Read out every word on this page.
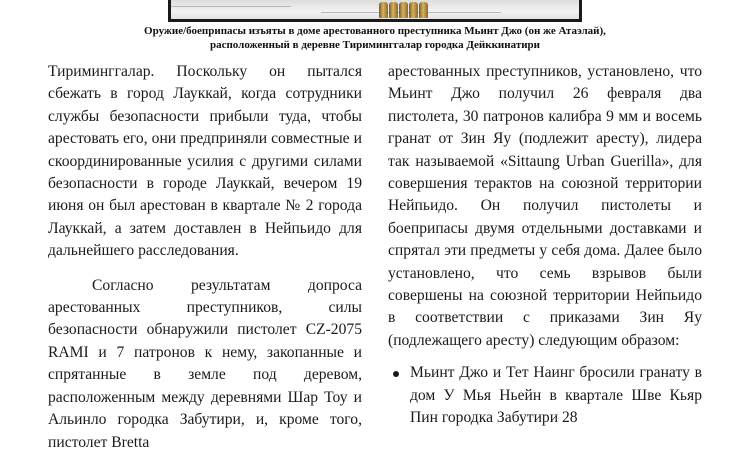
Оружие/боеприпасы изъяты в доме арестованного преступника Мьинт Джо (он же Атаэлай), расположенный в деревне Тириминггалар городка Дейккинатири

Тириминггалар. Поскольку он пытался сбежать в город Лауккай, когда сотрудники службы безопасности прибыли туда, чтобы арестовать его, они предприняли совместные и скоординированные усилия с другими силами безопасности в городе Лауккай, вечером 19 июня он был арестован в квартале № 2 города Лауккай, а затем доставлен в Нейпьидо для дальнейшего расследования.

Согласно результатам допроса арестованных преступников, силы безопасности обнаружили пистолет CZ-2075 RAMI и 7 патронов к нему, закопанные и спрятанные в земле под деревом, расположенным между деревнями Шар Тоу и Альинло городка Забутири, и, кроме того, пистолет Bretta

арестованных преступников, установлено, что Мьинт Джо получил 26 февраля два пистолета, 30 патронов калибра 9 мм и восемь гранат от Зин Яу (подлежит аресту), лидера так называемой «Sittaung Urban Guerilla», для совершения терактов на союзной территории Нейпьидо. Он получил пистолеты и боеприпасы двумя отдельными доставками и спрятал эти предметы у себя дома. Далее было установлено, что семь взрывов были совершены на союзной территории Нейпьидо в соответствии с приказами Зин Яу (подлежащего аресту) следующим образом:

Мьинт Джо и Тет Наинг бросили гранату в дом У Мья Ньейн в квартале Шве Кьяр Пин городка Забутири 28
